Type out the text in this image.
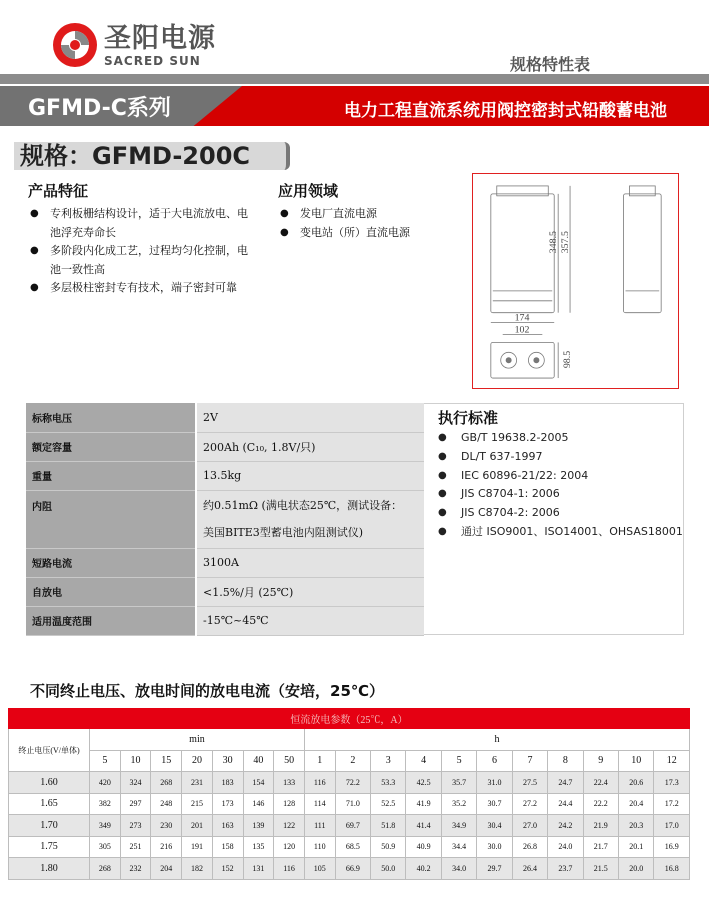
圣阳电源
SACRED SUN	规格特性表
GFMD-C系列	电力工程直流系统用阀控密封式铅酸蓄电池
规格：GFMD-200C
产品特征
● 专利板栅结构设计，适于大电流放电、电池浮充寿命长
● 多阶段内化成工艺，过程均匀化控制，电池一致性高
● 多层极柱密封专有技术，端子密封可靠
应用领域
● 发电厂直流电源
● 变电站（所）直流电源	348.5 357.5
174
102
98.5
标称电压	2V
额定容量	200Ah (C₁₀, 1.8V/只)
重量	13.5kg
内阻	约0.51mΩ (满电状态25℃，测试设备：
美国BITE3型蓄电池内阻测试仪)

短路电流	3100A
自放电	<1.5%/月 (25℃)
适用温度范围	-15℃~45℃
执行标准
● GB/T 19638.2-2005
● DL/T 637-1997
● IEC 60896-21/22: 2004
● JIS C8704-1: 2006
● JIS C8704-2: 2006
● 通过 ISO9001、ISO14001、OHSAS18001
不同终止电压、放电时间的放电电流（安培，25℃）
恒流放电参数（25℃，A）																		
终止电压(V/单体)	min							h										
	5	10	15	20	30	40	50	1	2	3	4	5	6	7	8	9	10	12
1.60	420	324	268	231	183	154	133	116	72.2	53.3	42.5	35.7	31.0	27.5	24.7	22.4	20.6	17.3
1.65	382	297	248	215	173	146	128	114	71.0	52.5	41.9	35.2	30.7	27.2	24.4	22.2	20.4	17.2
1.70	349	273	230	201	163	139	122	111	69.7	51.8	41.4	34.9	30.4	27.0	24.2	21.9	20.3	17.0
1.75	305	251	216	191	158	135	120	110	68.5	50.9	40.9	34.4	30.0	26.8	24.0	21.7	20.1	16.9
1.80	268	232	204	182	152	131	116	105	66.9	50.0	40.2	34.0	29.7	26.4	23.7	21.5	20.0	16.8
